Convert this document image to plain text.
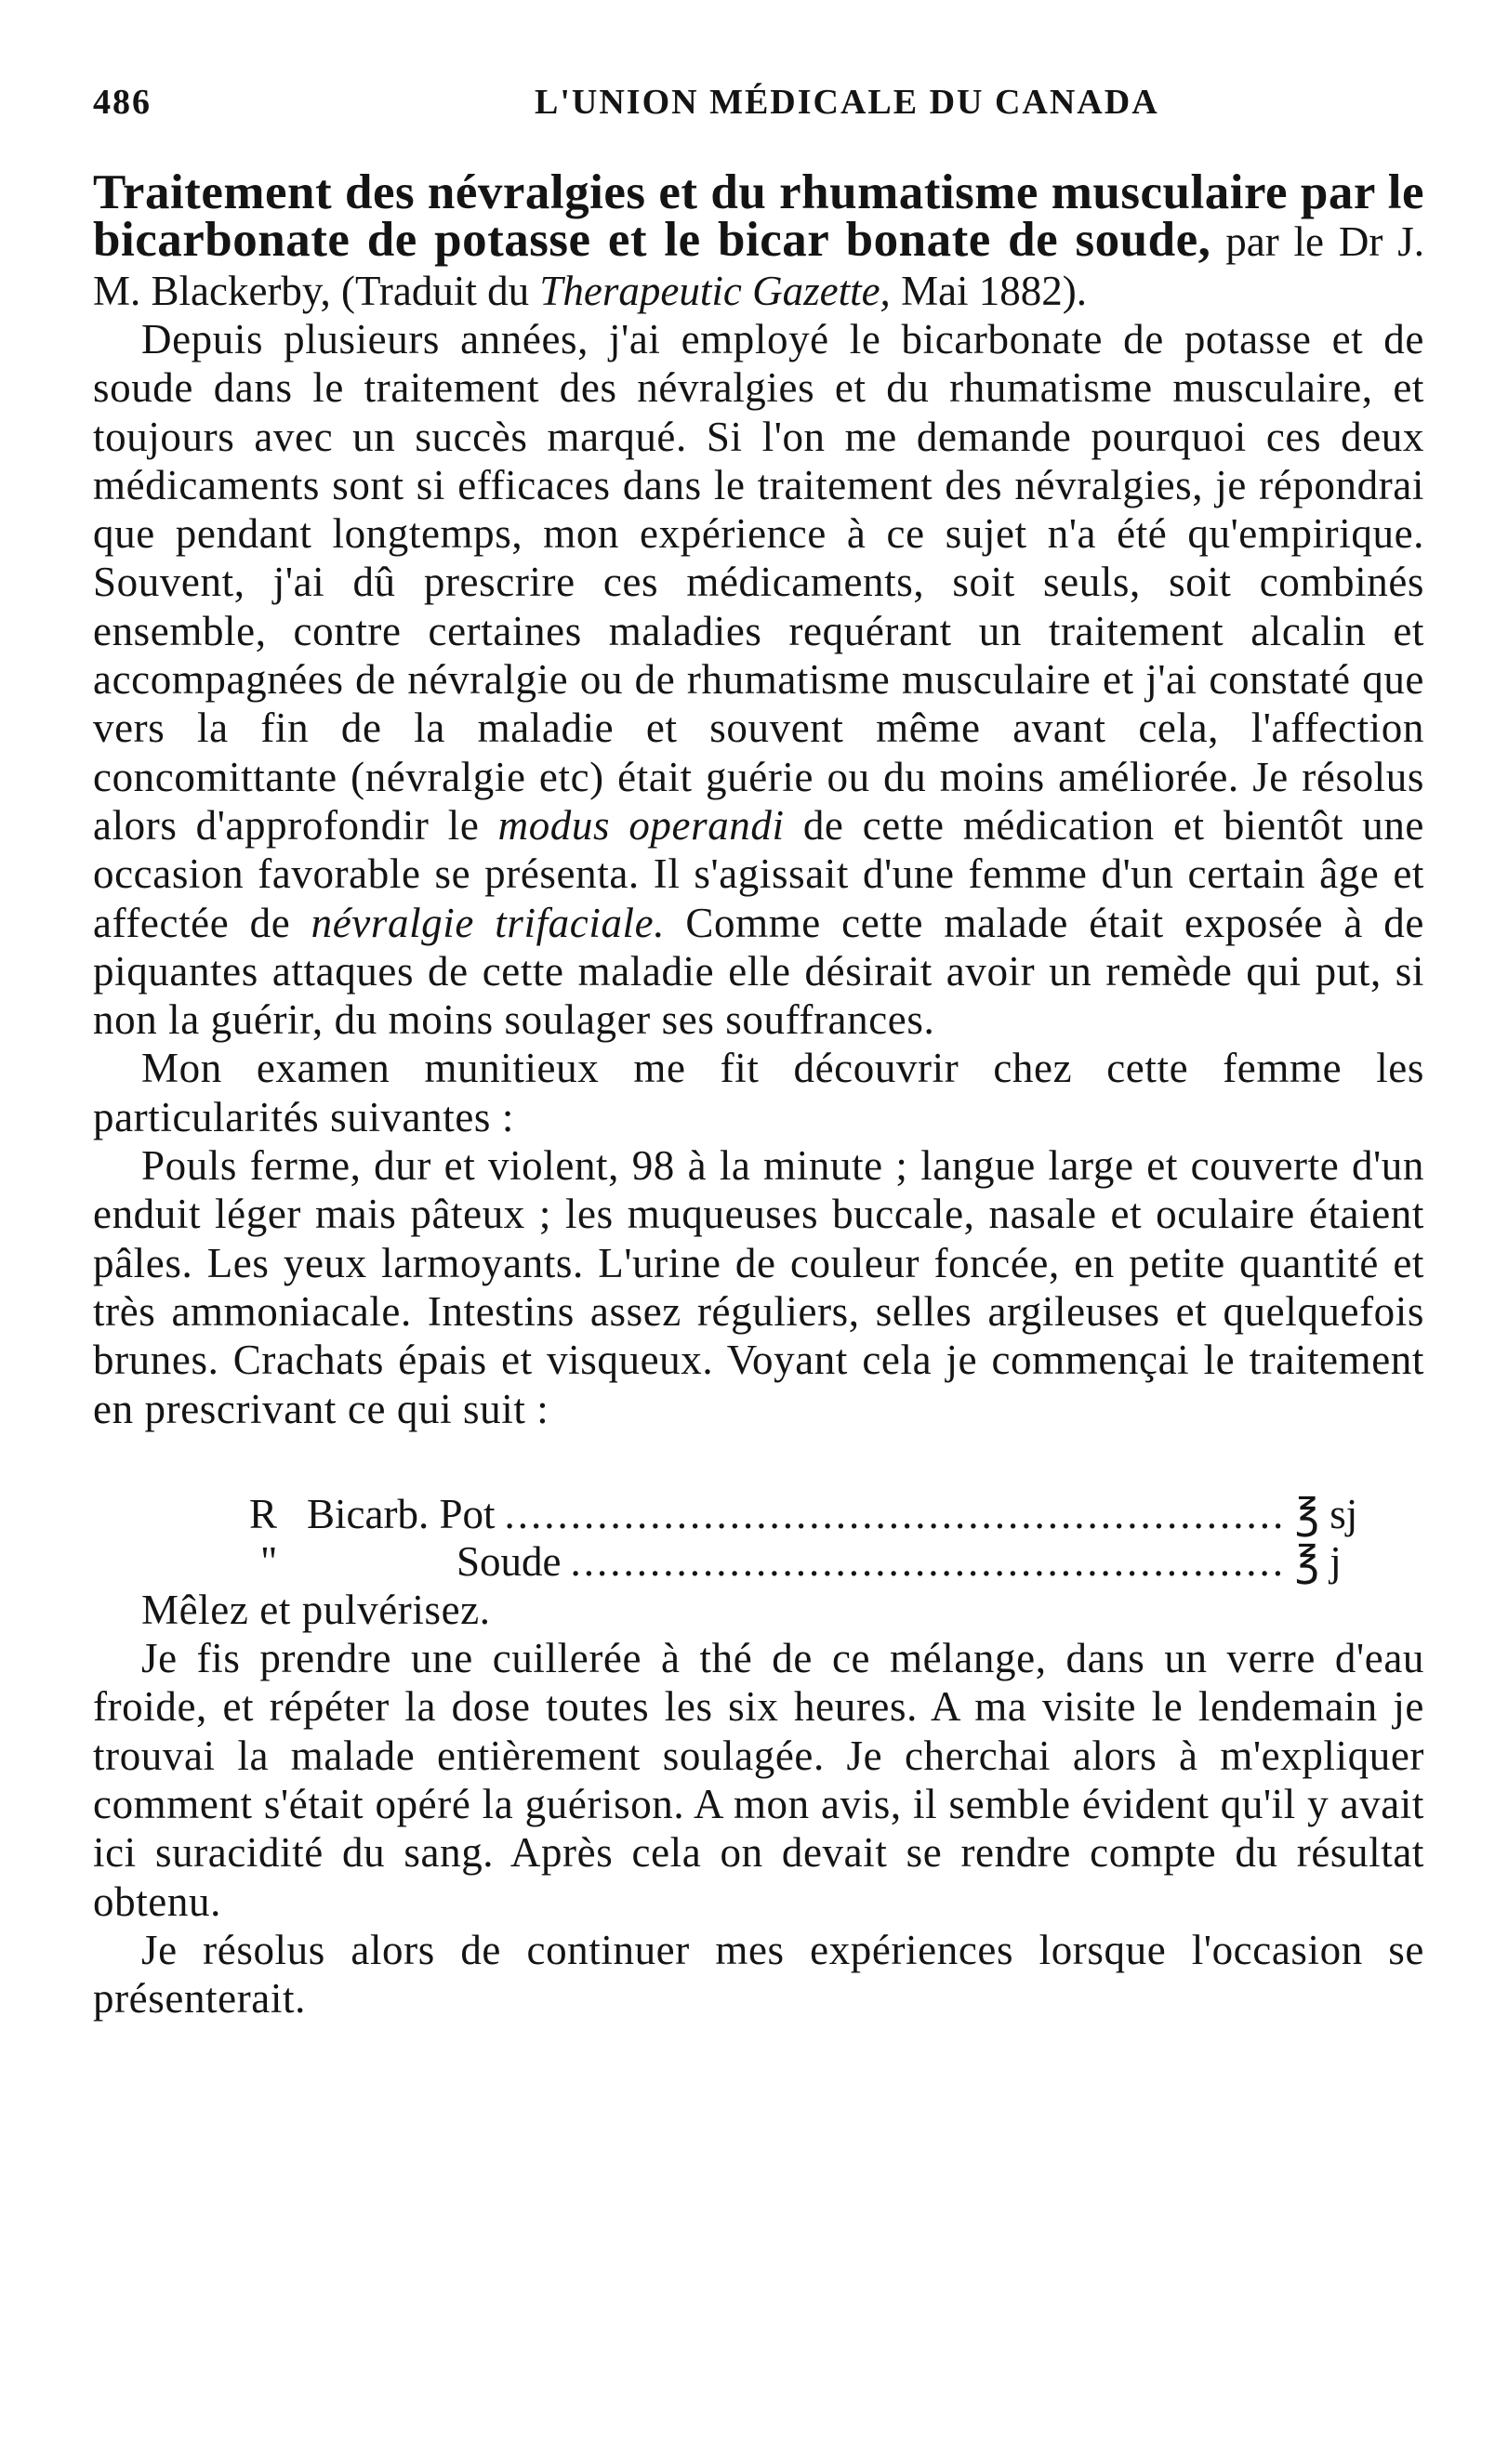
486	L'UNION MÉDICALE DU CANADA
Traitement des névralgies et du rhumatisme musculaire par le bicarbonate de potasse et le bicar bonate de soude, par le Dr J. M. Blackerby, (Traduit du Therapeutic Gazette, Mai 1882).

Depuis plusieurs années, j'ai employé le bicarbonate de potasse et de soude dans le traitement des névralgies et du rhumatisme musculaire, et toujours avec un succès marqué. Si l'on me demande pourquoi ces deux médicaments sont si efficaces dans le traitement des névralgies, je répondrai que pendant longtemps, mon expérience à ce sujet n'a été qu'empirique. Souvent, j'ai dû prescrire ces médicaments, soit seuls, soit combinés ensemble, contre certaines maladies requérant un traitement alcalin et accompagnées de névralgie ou de rhumatisme musculaire et j'ai constaté que vers la fin de la maladie et souvent même avant cela, l'affection concomittante (névralgie etc) était guérie ou du moins améliorée. Je résolus alors d'approfondir le modus operandi de cette médication et bientôt une occasion favorable se présenta. Il s'agissait d'une femme d'un certain âge et affectée de névralgie trifaciale. Comme cette malade était exposée à de piquantes attaques de cette maladie elle désirait avoir un remède qui put, si non la guérir, du moins soulager ses souffrances.

Mon examen munitieux me fit découvrir chez cette femme les particularités suivantes :

Pouls ferme, dur et violent, 98 à la minute ; langue large et couverte d'un enduit léger mais pâteux ; les muqueuses buccale, nasale et oculaire étaient pâles. Les yeux larmoyants. L'urine de couleur foncée, en petite quantité et très ammoniacale. Intestins assez réguliers, selles argileuses et quelquefois brunes. Crachats épais et visqueux. Voyant cela je commençai le traitement en prescrivant ce qui suit :

R Bicarb. Pot .....	℥ sj
"	Soude .....	℥ j

Mêlez et pulvérisez.

Je fis prendre une cuillerée à thé de ce mélange, dans un verre d'eau froide, et répéter la dose toutes les six heures. A ma visite le lendemain je trouvai la malade entièrement soulagée. Je cherchai alors à m'expliquer comment s'était opéré la guérison. A mon avis, il semble évident qu'il y avait ici suracidité du sang. Après cela on devait se rendre compte du résultat obtenu.

Je résolus alors de continuer mes expériences lorsque l'occasion se présenterait.
